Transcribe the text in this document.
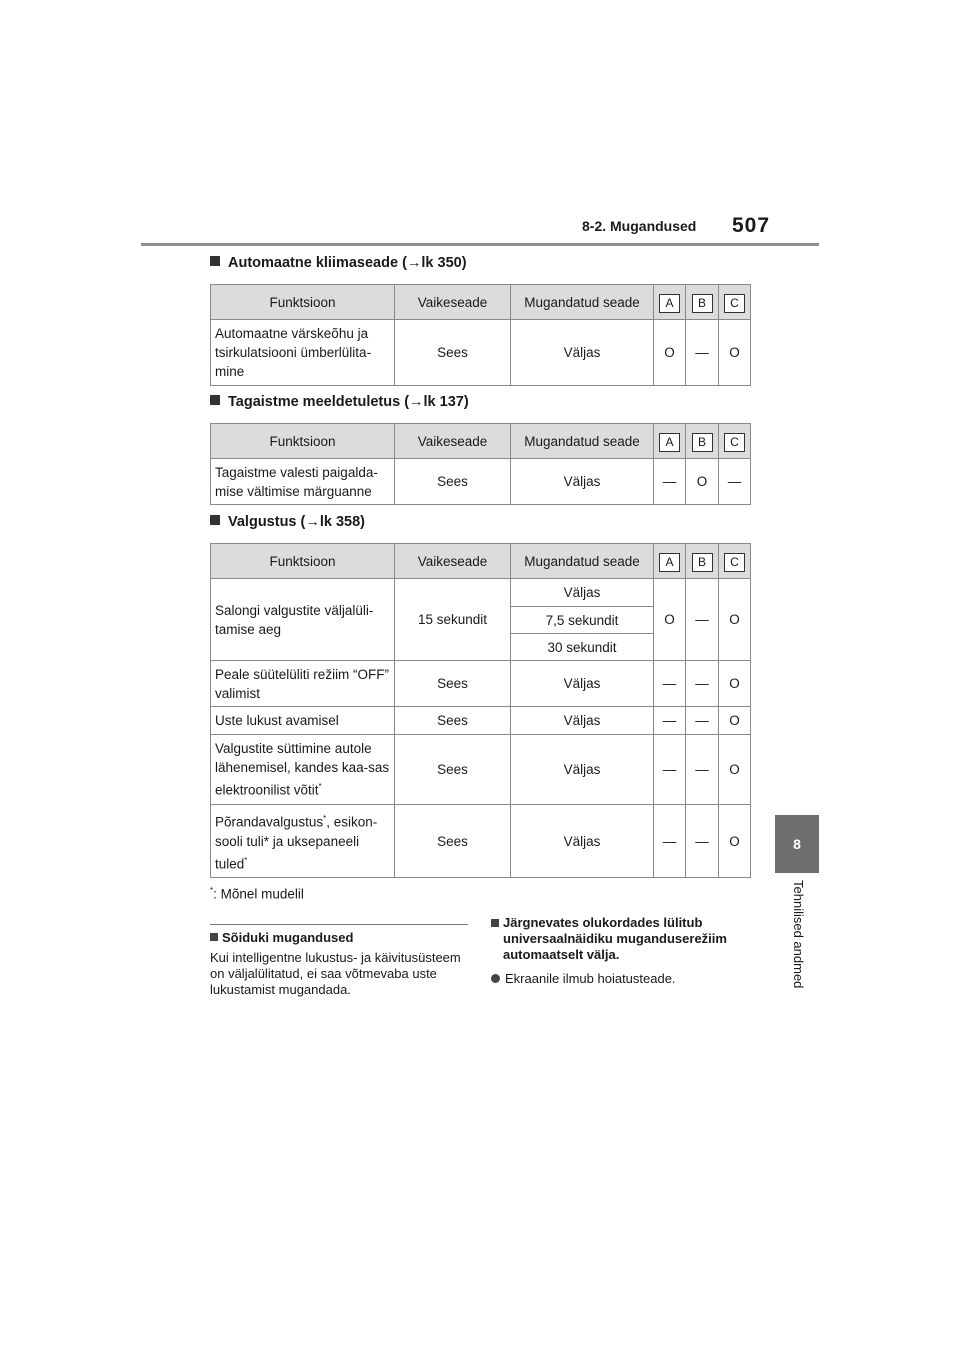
8-2. Mugandused 507
8
Tehnilised andmed
Automaatne kliimaseade (→lk 350)
Funktsioon	Vaikeseade	Mugandatud seade	A	B	C
Automaatne värskeõhu ja tsirkulatsiooni ümberlülita-mine	Sees	Väljas	O	—	O
Tagaistme meeldetuletus (→lk 137)
Funktsioon	Vaikeseade	Mugandatud seade	A	B	C
Tagaistme valesti paigalda-mise vältimise märguanne	Sees	Väljas	—	O	—
Valgustus (→lk 358)
Funktsioon	Vaikeseade	Mugandatud seade	A	B	C
Salongi valgustite väljalüli-tamise aeg	15 sekundit	Väljas	O	—	O
		7,5 sekundit			
		30 sekundit			
Peale süütelüliti režiim “OFF” valimist	Sees	Väljas	—	—	O
Uste lukust avamisel	Sees	Väljas	—	—	O
Valgustite süttimine autole lähenemisel, kandes kaa-sas elektroonilist võtit*	Sees	Väljas	—	—	O
Põrandavalgustus*, esikon-sooli tuli* ja uksepaneeli tuled*	Sees	Väljas	—	—	O
*: Mõnel mudelil
Sõiduki mugandused
Kui intelligentne lukustus- ja käivitusüsteem on väljalülitatud, ei saa võtmevaba uste lukustamist mugandada.
Järgnevates olukordades lülitub universaalnäidiku muganduserežiim automaatselt välja.
Ekraanile ilmub hoiatusteade.
